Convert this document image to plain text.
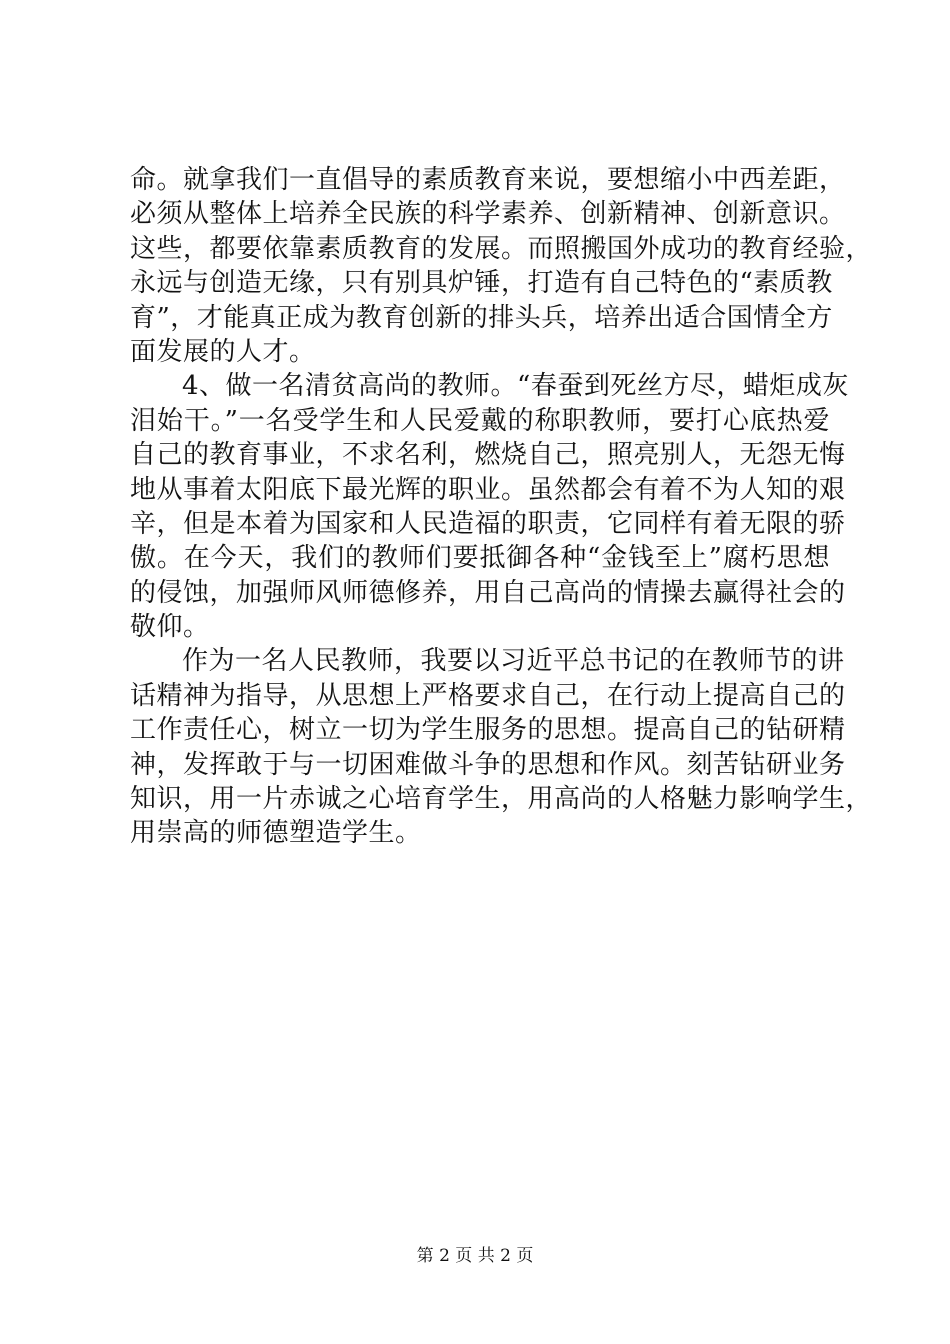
命。就拿我们一直倡导的素质教育来说，要想缩小中西差距，
必须从整体上培养全民族的科学素养、创新精神、创新意识。
这些，都要依靠素质教育的发展。而照搬国外成功的教育经验，
永远与创造无缘，只有别具炉锤，打造有自己特色的“素质教
育”，才能真正成为教育创新的排头兵，培养出适合国情全方
面发展的人才。
4、做一名清贫高尚的教师。“春蚕到死丝方尽，蜡炬成灰
泪始干。”一名受学生和人民爱戴的称职教师，要打心底热爱
自己的教育事业，不求名利，燃烧自己，照亮别人，无怨无悔
地从事着太阳底下最光辉的职业。虽然都会有着不为人知的艰
辛，但是本着为国家和人民造福的职责，它同样有着无限的骄
傲。在今天，我们的教师们要抵御各种“金钱至上”腐朽思想
的侵蚀，加强师风师德修养，用自己高尚的情操去赢得社会的
敬仰。
作为一名人民教师，我要以习近平总书记的在教师节的讲
话精神为指导，从思想上严格要求自己，在行动上提高自己的
工作责任心，树立一切为学生服务的思想。提高自己的钻研精
神，发挥敢于与一切困难做斗争的思想和作风。刻苦钻研业务
知识，用一片赤诚之心培育学生，用高尚的人格魅力影响学生，
用崇高的师德塑造学生。
第 2 页 共 2 页
